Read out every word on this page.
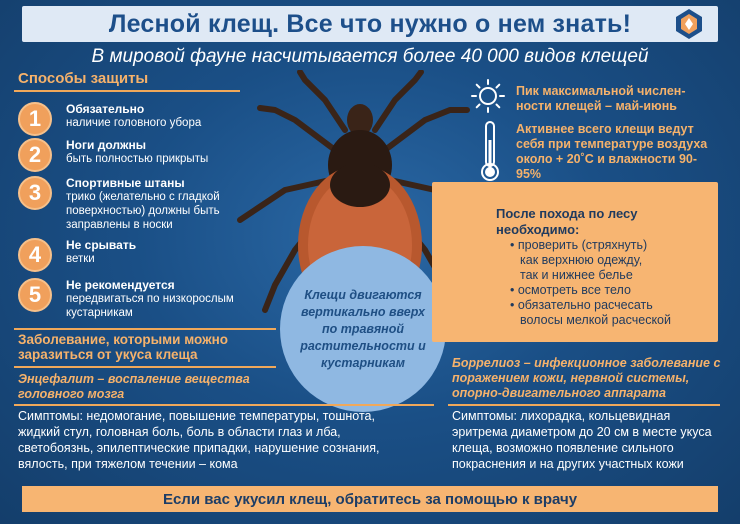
Лесной клещ. Все что нужно о нем знать!
В мировой фауне насчитывается более 40 000 видов клещей
Способы защиты
1	Обязательно
наличие головного убора
2	Ноги должны
быть полностью прикрыты
3	Спортивные штаны
трико (желательно с гладкой поверхностью) должны быть заправлены в носки
4	Не срывать
ветки
5	Не рекомендуется
передвигаться по низкорослым кустарникам
Клещи двигаются вертикально вверх по травяной растительности и кустарникам
Пик максимальной числен-ности клещей – май-июнь
Активнее всего клещи ведут себя при температуре воздуха около + 20˚С и влажности 90-95%
После похода по лесу необходимо:
• проверить (стряхнуть)
как верхнюю одежду,
так и нижнее белье
• осмотреть все тело
• обязательно расчесать
волосы мелкой расческой
Заболевание, которыми можно заразиться от укуса клеща
Энцефалит – воспаление вещества головного мозга
Симптомы: недомогание, повышение температуры, тошнота, жидкий стул, головная боль, боль в области глаз и лба, светобоязнь, эпилептические припадки, нарушение сознания, вялость, при тяжелом течении – кома
Боррелиоз – инфекционное заболевание с поражением кожи, нервной системы, опорно-двигательного аппарата
Симптомы: лихорадка, кольцевидная эритрема диаметром до 20 см в месте укуса клеща, возможно появление сильного покраснения и на других участных кожи
Если вас укусил клещ, обратитесь за помощью к врачу
